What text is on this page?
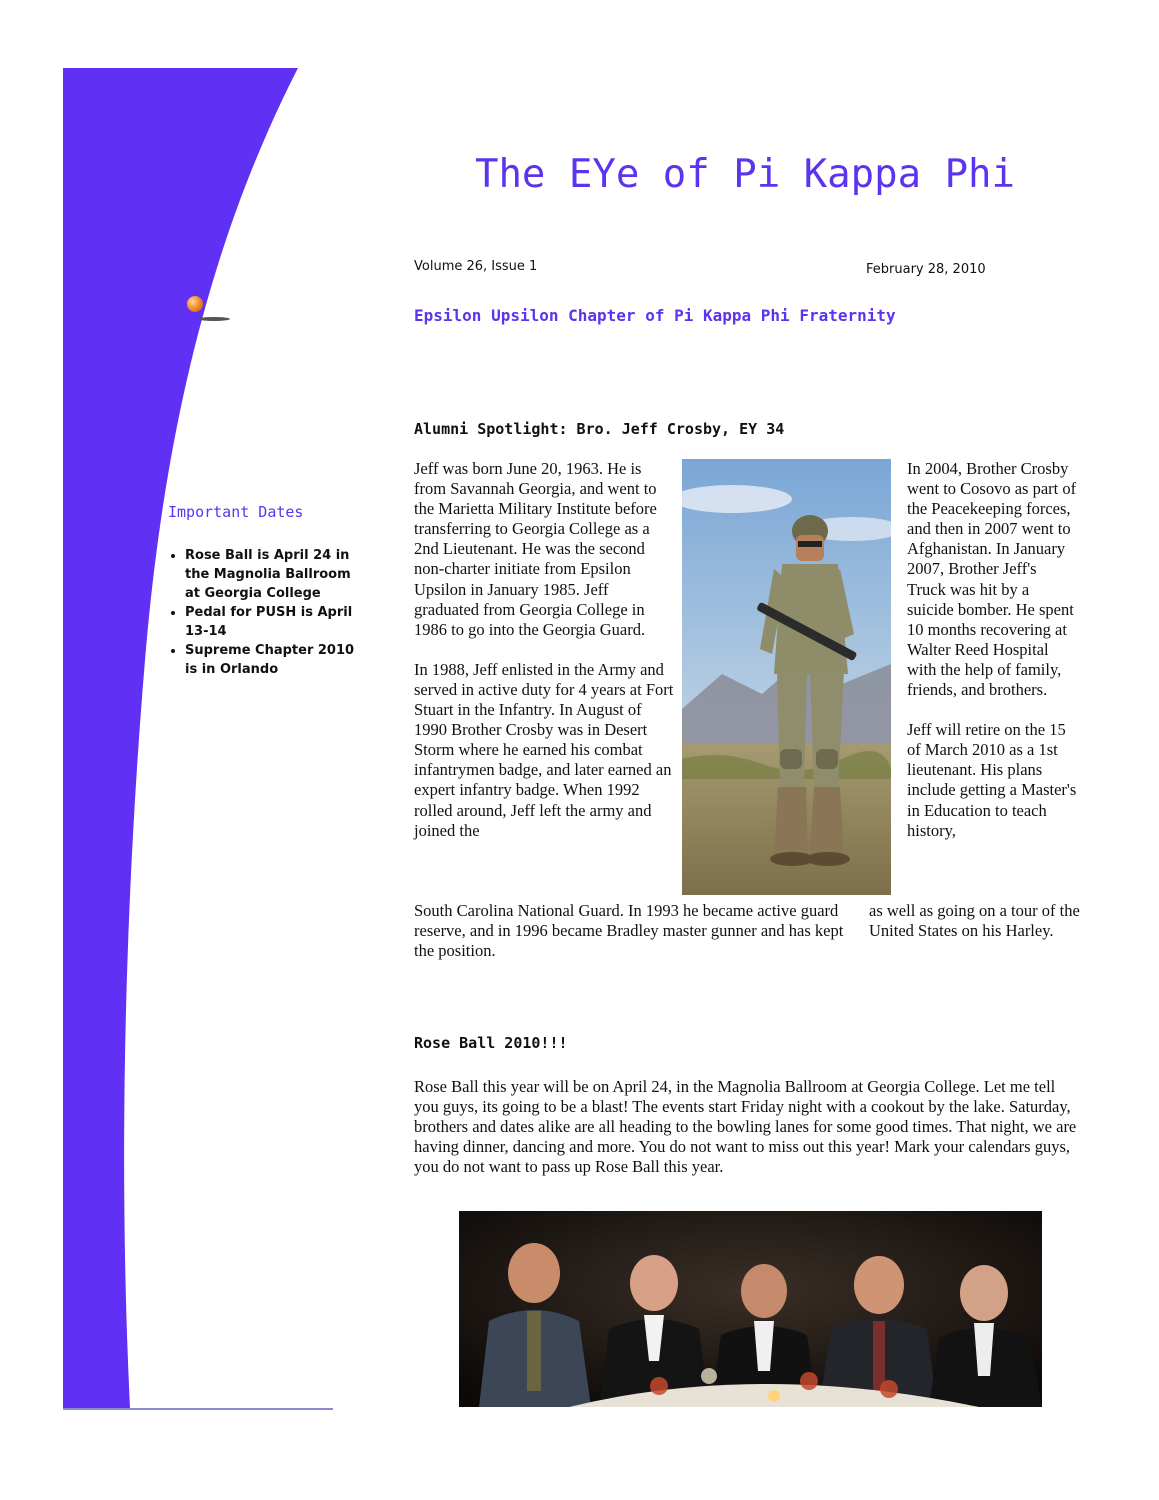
The EYe of Pi Kappa Phi
Volume 26, Issue 1	February 28, 2010
Epsilon Upsilon Chapter of Pi Kappa Phi Fraternity
Important Dates
• Rose Ball is April 24 in the Magnolia Ballroom at Georgia College
• Pedal for PUSH is April 13-14
• Supreme Chapter 2010 is in Orlando
Alumni Spotlight: Bro. Jeff Crosby, EY 34

Jeff was born June 20, 1963. He is from Savannah Georgia, and went to the Marietta Military Institute before transferring to Georgia College as a 2nd Lieutenant. He was the second non-charter initiate from Epsilon Upsilon in January 1985. Jeff graduated from Georgia College in 1986 to go into the Georgia Guard.

In 1988, Jeff enlisted in the Army and served in active duty for 4 years at Fort Stuart in the Infantry. In August of 1990 Brother Crosby was in Desert Storm where he earned his combat infantrymen badge, and later earned an expert infantry badge. When 1992 rolled around, Jeff left the army and joined the

South Carolina National Guard. In 1993 he became active guard reserve, and in 1996 became Bradley master gunner and has kept the position.

In 2004, Brother Crosby went to Cosovo as part of the Peacekeeping forces, and then in 2007 went to Afghanistan. In January 2007, Brother Jeff's Truck was hit by a suicide bomber. He spent 10 months recovering at Walter Reed Hospital with the help of family, friends, and brothers.

Jeff will retire on the 15 of March 2010 as a 1st lieutenant. His plans include getting a Master's in Education to teach history,

as well as going on a tour of the United States on his Harley.
Rose Ball 2010!!!
Rose Ball this year will be on April 24, in the Magnolia Ballroom at Georgia College. Let me tell you guys, its going to be a blast! The events start Friday night with a cookout by the lake. Saturday, brothers and dates alike are all heading to the bowling lanes for some good times. That night, we are having dinner, dancing and more. You do not want to miss out this year! Mark your calendars guys, you do not want to pass up Rose Ball this year.
